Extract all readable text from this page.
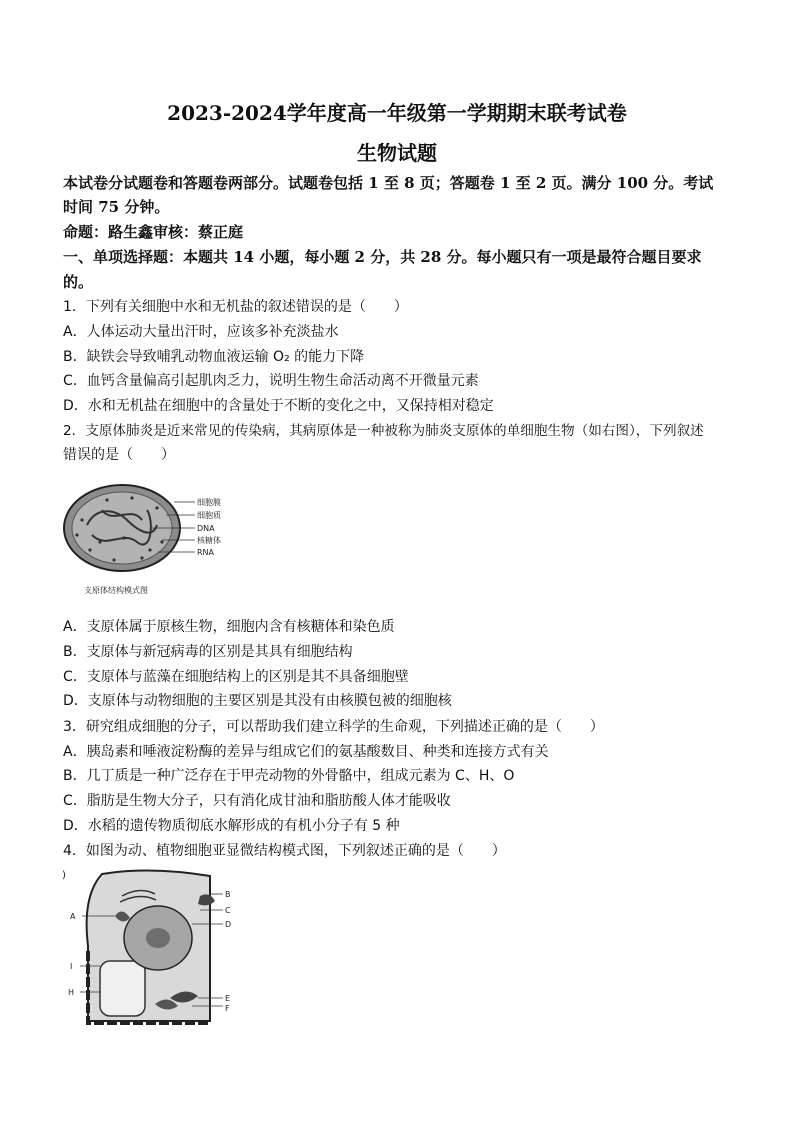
2023-2024学年度高一年级第一学期期末联考试卷
生物试题
本试卷分试题卷和答题卷两部分。试题卷包括 1 至 8 页；答题卷 1 至 2 页。满分 100 分。考试
时间 75 分钟。
命题：路生鑫审核：蔡正庭
一、单项选择题：本题共 14 小题，每小题 2 分，共 28 分。每小题只有一项是最符合题目要求
的。
1．下列有关细胞中水和无机盐的叙述错误的是（　　）
A．人体运动大量出汗时，应该多补充淡盐水
B．缺铁会导致哺乳动物血液运输 O₂ 的能力下降
C．血钙含量偏高引起肌肉乏力，说明生物生命活动离不开微量元素
D．水和无机盐在细胞中的含量处于不断的变化之中，又保持相对稳定
2．支原体肺炎是近来常见的传染病，其病原体是一种被称为肺炎支原体的单细胞生物（如右图），下列叙述
错误的是（　　）
细胞膜
细胞质
DNA
核糖体
RNA
支原体结构模式图
A．支原体属于原核生物，细胞内含有核糖体和染色质
B．支原体与新冠病毒的区别是其具有细胞结构
C．支原体与蓝藻在细胞结构上的区别是其不具备细胞壁
D．支原体与动物细胞的主要区别是其没有由核膜包被的细胞核
3．研究组成细胞的分子，可以帮助我们建立科学的生命观，下列描述正确的是（　　）
A．胰岛素和唾液淀粉酶的差异与组成它们的氨基酸数目、种类和连接方式有关
B．几丁质是一种广泛存在于甲壳动物的外骨骼中，组成元素为 C、H、O
C．脂肪是生物大分子，只有消化成甘油和脂肪酸人体才能吸收
D．水稻的遗传物质彻底水解形成的有机小分子有 5 种
4．如图为动、植物细胞亚显微结构模式图，下列叙述正确的是（　　）
)
B
C
D
A
I
H
E
F
